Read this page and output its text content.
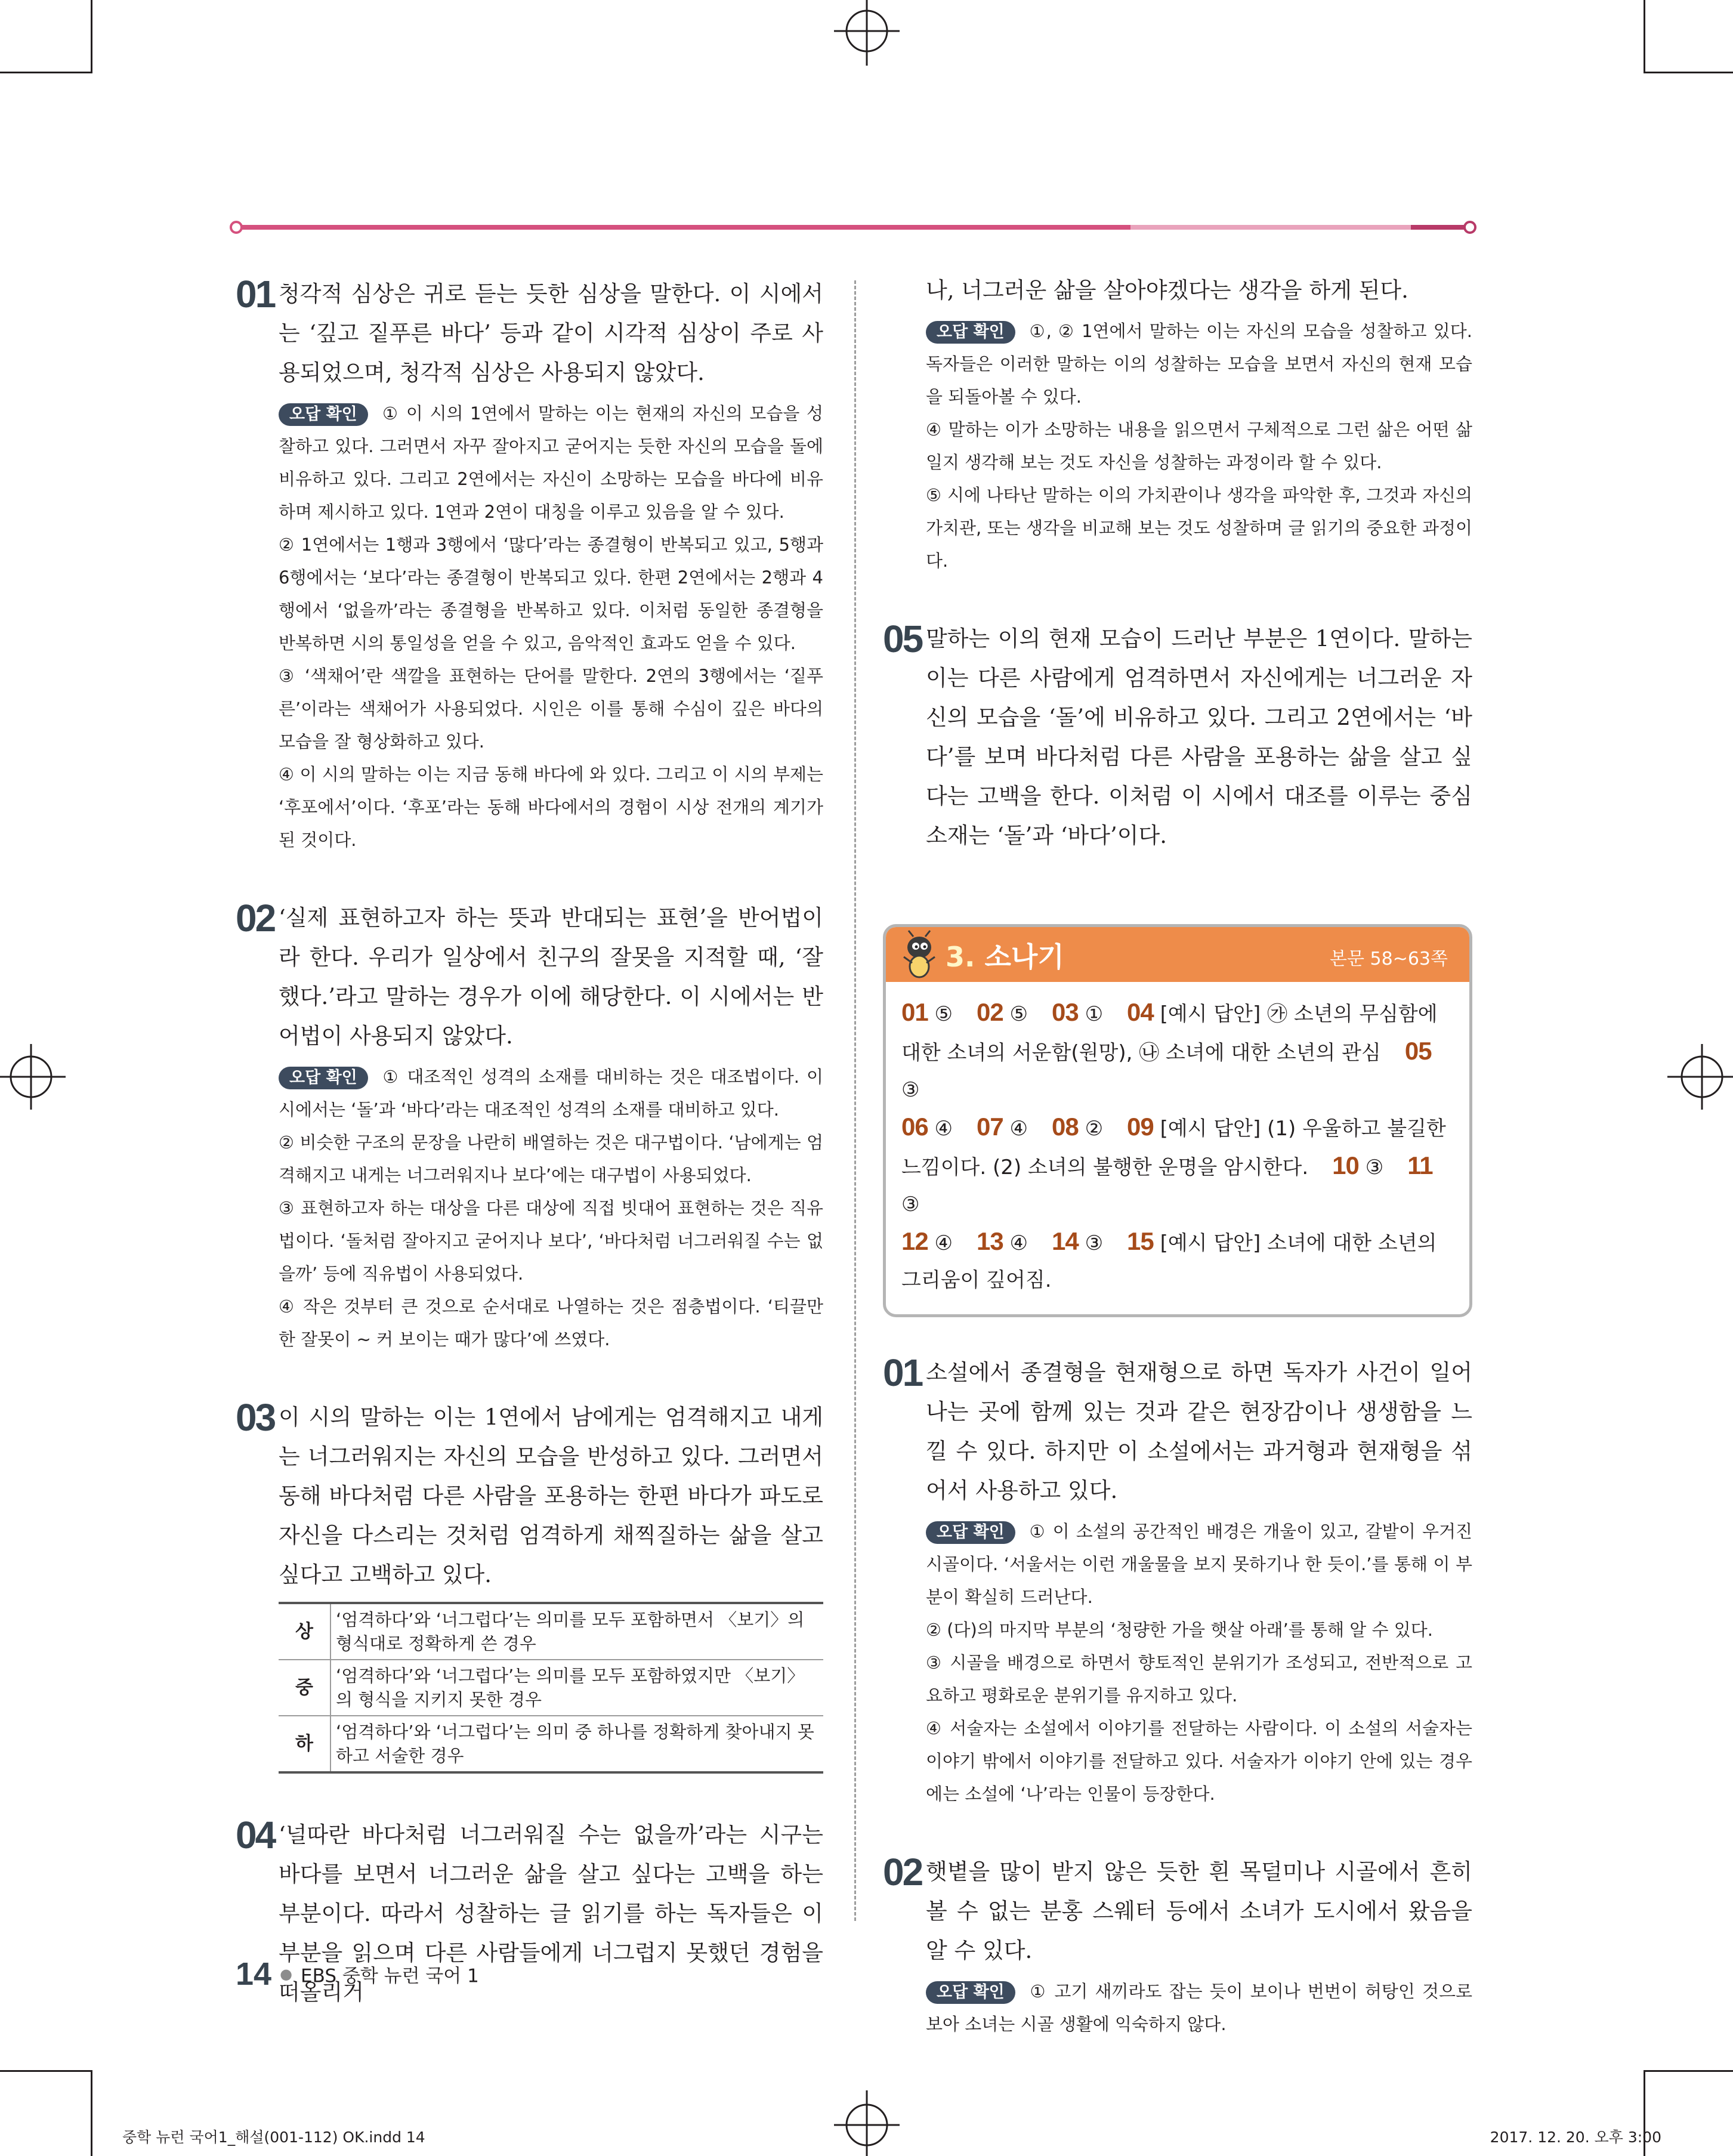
01 청각적 심상은 귀로 듣는 듯한 심상을 말한다. 이 시에서는 ‘깊고 짙푸른 바다’ 등과 같이 시각적 심상이 주로 사용되었으며, 청각적 심상은 사용되지 않았다.
오답 확인 ① 이 시의 1연에서 말하는 이는 현재의 자신의 모습을 성찰하고 있다. 그러면서 자꾸 잘아지고 굳어지는 듯한 자신의 모습을 돌에 비유하고 있다. 그리고 2연에서는 자신이 소망하는 모습을 바다에 비유하며 제시하고 있다. 1연과 2연이 대칭을 이루고 있음을 알 수 있다.
② 1연에서는 1행과 3행에서 ‘많다’라는 종결형이 반복되고 있고, 5행과 6행에서는 ‘보다’라는 종결형이 반복되고 있다. 한편 2연에서는 2행과 4행에서 ‘없을까’라는 종결형을 반복하고 있다. 이처럼 동일한 종결형을 반복하면 시의 통일성을 얻을 수 있고, 음악적인 효과도 얻을 수 있다.
③ ‘색채어’란 색깔을 표현하는 단어를 말한다. 2연의 3행에서는 ‘짙푸른’이라는 색채어가 사용되었다. 시인은 이를 통해 수심이 깊은 바다의 모습을 잘 형상화하고 있다.
④ 이 시의 말하는 이는 지금 동해 바다에 와 있다. 그리고 이 시의 부제는 ‘후포에서’이다. ‘후포’라는 동해 바다에서의 경험이 시상 전개의 계기가 된 것이다.
02 ‘실제 표현하고자 하는 뜻과 반대되는 표현’을 반어법이라 한다. 우리가 일상에서 친구의 잘못을 지적할 때, ‘잘했다.’라고 말하는 경우가 이에 해당한다. 이 시에서는 반어법이 사용되지 않았다.
오답 확인 ① 대조적인 성격의 소재를 대비하는 것은 대조법이다. 이 시에서는 ‘돌’과 ‘바다’라는 대조적인 성격의 소재를 대비하고 있다.
② 비슷한 구조의 문장을 나란히 배열하는 것은 대구법이다. ‘남에게는 엄격해지고 내게는 너그러워지나 보다’에는 대구법이 사용되었다.
③ 표현하고자 하는 대상을 다른 대상에 직접 빗대어 표현하는 것은 직유법이다. ‘돌처럼 잘아지고 굳어지나 보다’, ‘바다처럼 너그러워질 수는 없을까’ 등에 직유법이 사용되었다.
④ 작은 것부터 큰 것으로 순서대로 나열하는 것은 점층법이다. ‘티끌만 한 잘못이 ~ 커 보이는 때가 많다’에 쓰였다.
03 이 시의 말하는 이는 1연에서 남에게는 엄격해지고 내게는 너그러워지는 자신의 모습을 반성하고 있다. 그러면서 동해 바다처럼 다른 사람을 포용하는 한편 바다가 파도로 자신을 다스리는 것처럼 엄격하게 채찍질하는 삶을 살고 싶다고 고백하고 있다.
상	‘엄격하다’와 ‘너그럽다’는 의미를 모두 포함하면서 〈보기〉의 형식대로 정확하게 쓴 경우
중	‘엄격하다’와 ‘너그럽다’는 의미를 모두 포함하였지만 〈보기〉의 형식을 지키지 못한 경우
하	‘엄격하다’와 ‘너그럽다’는 의미 중 하나를 정확하게 찾아내지 못하고 서술한 경우
04 ‘널따란 바다처럼 너그러워질 수는 없을까’라는 시구는 바다를 보면서 너그러운 삶을 살고 싶다는 고백을 하는 부분이다. 따라서 성찰하는 글 읽기를 하는 독자들은 이 부분을 읽으며 다른 사람들에게 너그럽지 못했던 경험을 떠올리거
나, 너그러운 삶을 살아야겠다는 생각을 하게 된다.
오답 확인 ①, ② 1연에서 말하는 이는 자신의 모습을 성찰하고 있다. 독자들은 이러한 말하는 이의 성찰하는 모습을 보면서 자신의 현재 모습을 되돌아볼 수 있다.
④ 말하는 이가 소망하는 내용을 읽으면서 구체적으로 그런 삶은 어떤 삶일지 생각해 보는 것도 자신을 성찰하는 과정이라 할 수 있다.
⑤ 시에 나타난 말하는 이의 가치관이나 생각을 파악한 후, 그것과 자신의 가치관, 또는 생각을 비교해 보는 것도 성찰하며 글 읽기의 중요한 과정이다.
05 말하는 이의 현재 모습이 드러난 부분은 1연이다. 말하는 이는 다른 사람에게 엄격하면서 자신에게는 너그러운 자신의 모습을 ‘돌’에 비유하고 있다. 그리고 2연에서는 ‘바다’를 보며 바다처럼 다른 사람을 포용하는 삶을 살고 싶다는 고백을 한다. 이처럼 이 시에서 대조를 이루는 중심 소재는 ‘돌’과 ‘바다’이다.
3. 소나기	본문 58~63쪽
01 ⑤ 02 ⑤ 03 ① 04 [예시 답안] ㉮ 소년의 무심함에 대한 소녀의 서운함(원망), ㉯ 소녀에 대한 소년의 관심 05 ③
06 ④ 07 ④ 08 ② 09 [예시 답안] (1) 우울하고 불길한 느낌이다. (2) 소녀의 불행한 운명을 암시한다. 10 ③ 11 ③
12 ④ 13 ④ 14 ③ 15 [예시 답안] 소녀에 대한 소년의 그리움이 깊어짐.
01 소설에서 종결형을 현재형으로 하면 독자가 사건이 일어나는 곳에 함께 있는 것과 같은 현장감이나 생생함을 느낄 수 있다. 하지만 이 소설에서는 과거형과 현재형을 섞어서 사용하고 있다.
오답 확인 ① 이 소설의 공간적인 배경은 개울이 있고, 갈밭이 우거진 시골이다. ‘서울서는 이런 개울물을 보지 못하기나 한 듯이.’를 통해 이 부분이 확실히 드러난다.
② (다)의 마지막 부분의 ‘청량한 가을 햇살 아래’를 통해 알 수 있다.
③ 시골을 배경으로 하면서 향토적인 분위기가 조성되고, 전반적으로 고요하고 평화로운 분위기를 유지하고 있다.
④ 서술자는 소설에서 이야기를 전달하는 사람이다. 이 소설의 서술자는 이야기 밖에서 이야기를 전달하고 있다. 서술자가 이야기 안에 있는 경우에는 소설에 ‘나’라는 인물이 등장한다.
02 햇볕을 많이 받지 않은 듯한 흰 목덜미나 시골에서 흔히 볼 수 없는 분홍 스웨터 등에서 소녀가 도시에서 왔음을 알 수 있다.
오답 확인 ① 고기 새끼라도 잡는 듯이 보이나 번번이 허탕인 것으로 보아 소녀는 시골 생활에 익숙하지 않다.
14 ● EBS 중학 뉴런 국어 1
중학 뉴런 국어1_해설(001-112) OK.indd 14	2017. 12. 20. 오후 3:00
